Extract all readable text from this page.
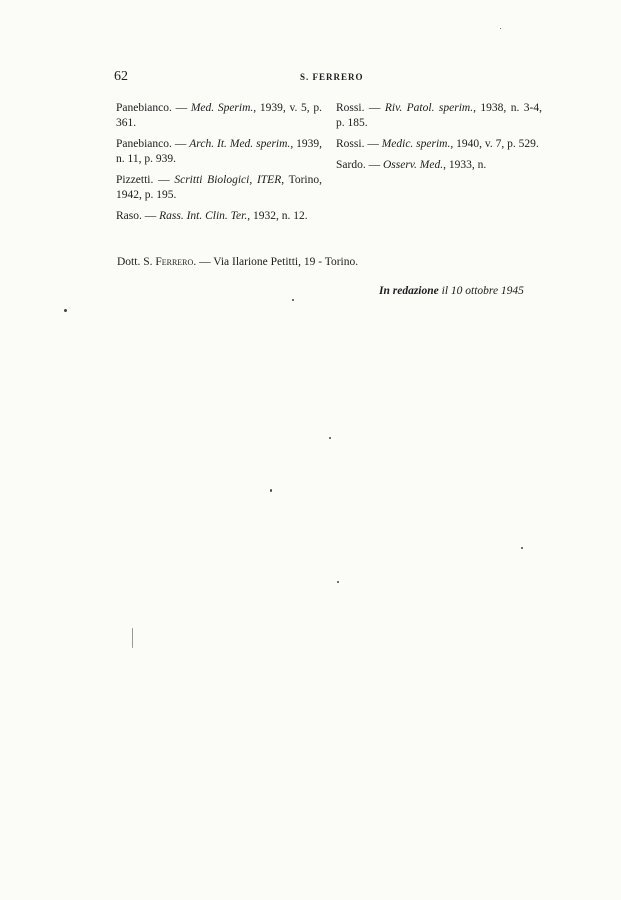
62	S. FERRERO

Panebianco. — Med. Sperim., 1939, v. 5, p. 361.

Panebianco. — Arch. It. Med. sperim., 1939, n. 11, p. 939.

Pizzetti. — Scritti Biologici, ITER, Torino, 1942, p. 195.

Raso. — Rass. Int. Clin. Ter., 1932, n. 12.

Rossi. — Riv. Patol. sperim., 1938, n. 3-4, p. 185.

Rossi. — Medic. sperim., 1940, v. 7, p. 529.

Sardo. — Osserv. Med., 1933, n.

Dott. S. Ferrero. — Via Ilarione Petitti, 19 - Torino.
In redazione il 10 ottobre 1945
